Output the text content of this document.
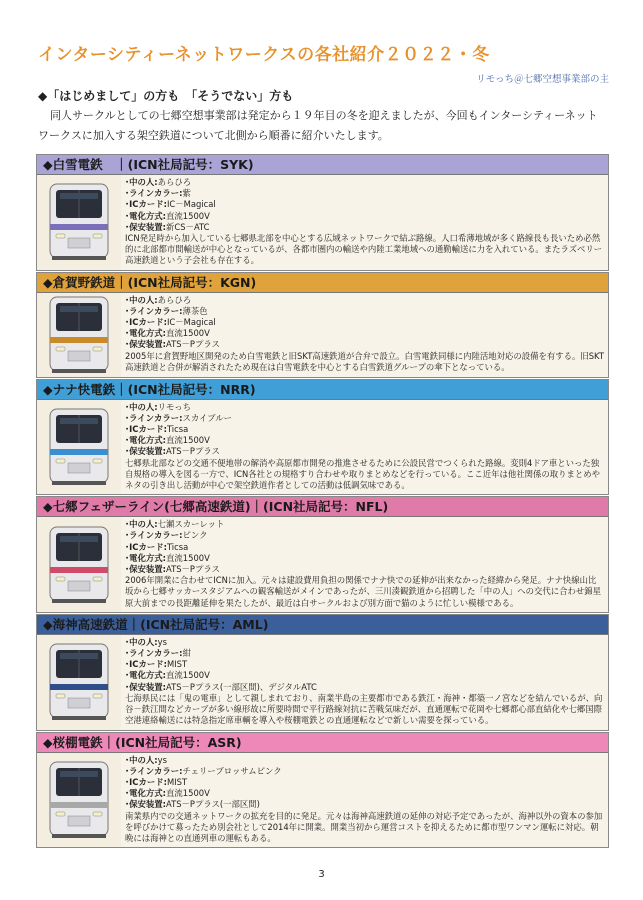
インターシティーネットワークスの各社紹介２０２２・冬
リモっち＠七郷空想事業部の主
◆「はじめまして」の方も　「そうでない」方も

同人サークルとしての七郷空想事業部は発定から１９年目の冬を迎えましたが、今回もインターシティーネットワークスに加入する架空鉄道について北側から順番に紹介いたします。

◆白雪電鉄　｜(ICN社局記号：SYK)
･中の人:あらひろ
･ラインカラー:紫
･ICカード:IC－Magical
･電化方式:直流1500V
･保安装置:新CS－ATC
ICN発足時から加入している七郷県北部を中心とする広域ネットワークで結ぶ路線。人口希薄地域が多く路線長も長いため必然的に北部都市間輸送が中心となっているが、各都市圏内の輸送や内陸工業地域への通勤輸送に力を入れている。またラズベリー高速鉄道という子会社も存在する。
◆倉賀野鉄道｜(ICN社局記号：KGN)
･中の人:あらひろ
･ラインカラー:薄茶色
･ICカード:IC－Magical
･電化方式:直流1500V
･保安装置:ATS－Pプラス
2005年に倉賀野地区開発のため白雪電鉄と旧SKT高速鉄道が合弁で設立。白雪電鉄同様に内陸活地対応の設備を有する。旧SKT高速鉄道と合併が解消されたため現在は白雪電鉄を中心とする白雪鉄道グループの傘下となっている。
◆ナナ快電鉄｜(ICN社局記号：NRR)
･中の人:リモっち
･ラインカラー:スカイブルー
･ICカード:Ticsa
･電化方式:直流1500V
･保安装置:ATS－Pプラス
七郷県北部などの交通不便地帯の解消や高原都市開発の推進させるために公設民営でつくられた路線。変則4ドア車といった独自規格の導入を図る一方で、ICN各社との規格すり合わせや取りまとめなどを行っている。ここ近年は他社関係の取りまとめやネタの引き出し活動が中心で架空鉄道作者としての活動は低調気味である。
◆七郷フェザーライン(七郷高速鉄道)｜(ICN社局記号：NFL)
･中の人:七瀬スカーレット
･ラインカラー:ピンク
･ICカード:Ticsa
･電化方式:直流1500V
･保安装置:ATS－Pプラス
2006年開業に合わせてICNに加入。元々は建設費用負担の関係でナナ快での延伸が出来なかった経緯から発足。ナナ快線山比坂から七郷サッカースタジアムへの観客輸送がメインであったが、三川湊観鉄道から招聘した「中の人」への交代に合わせ錦星原大前までの長距離延伸を果たしたが、最近は白サークルおよび別方面で猫のように忙しい模様である。
◆海神高速鉄道｜(ICN社局記号：AML)
･中の人:ys
･ラインカラー:紺
･ICカード:MIST
･電化方式:直流1500V
･保安装置:ATS－Pプラス(一部区間)、デジタルATC
七海県民には「鬼の電車」として親しまれており、南業半島の主要都市である鉄江・海神・都築一ノ宮などを結んでいるが、向谷－鉄江間などカーブが多い線形故に所要時間で平行路線対抗に苦戦気味だが、直通運転で花岡や七郷都心部直結化や七郷国際空港連絡輸送には特急指定席車輌を導入や桜棚電鉄との直通運転などで新しい需要を探っている。
◆桜棚電鉄｜(ICN社局記号：ASR)
･中の人:ys
･ラインカラー:チェリーブロッサムピンク
･ICカード:MIST
･電化方式:直流1500V
･保安装置:ATS－Pプラス(一部区間)
南業県内での交通ネットワークの拡充を目的に発足。元々は海神高速鉄道の延伸の対応予定であったが、海神以外の資本の参加を呼びかけて募ったため別会社として2014年に開業。開業当初から運営コストを抑えるために都市型ワンマン運転に対応。朝晩には海神との直通列車の運転もある。
3
